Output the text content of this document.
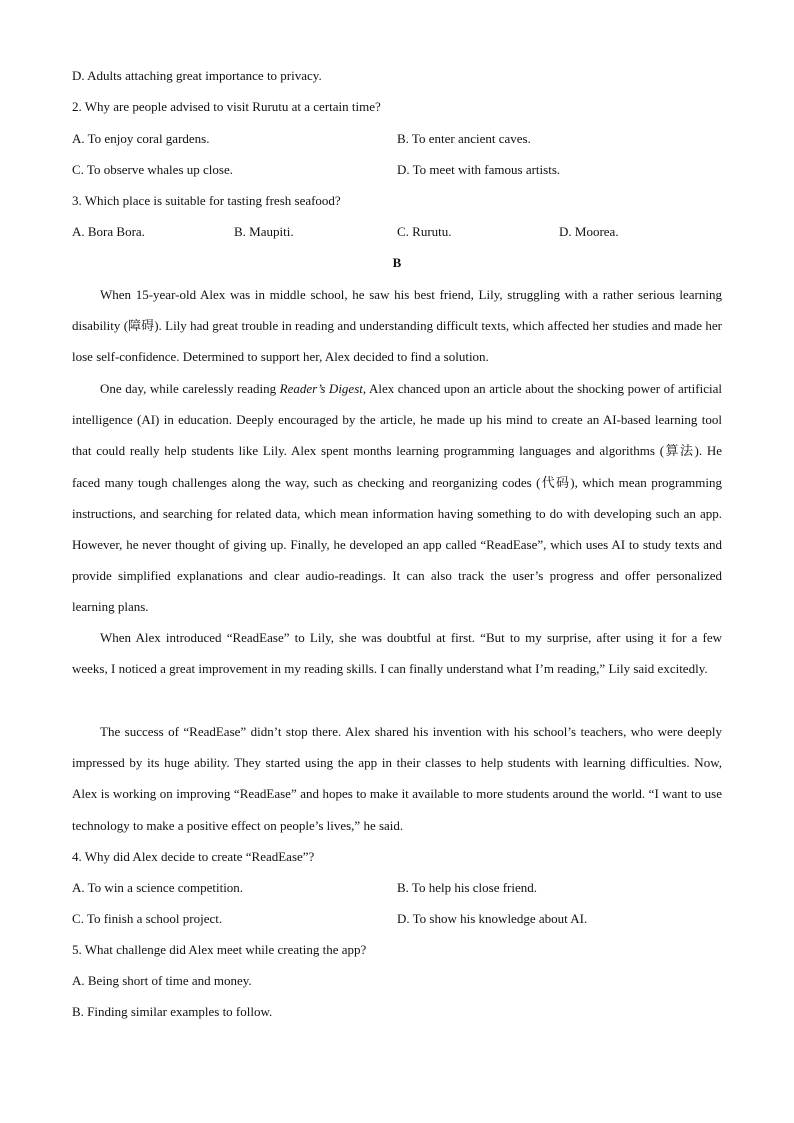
D. Adults attaching great importance to privacy.
2. Why are people advised to visit Rurutu at a certain time?
A. To enjoy coral gardens.	B. To enter ancient caves.
C. To observe whales up close.	D. To meet with famous artists.
3. Which place is suitable for tasting fresh seafood?
A. Bora Bora.	B. Maupiti.	C. Rurutu.	D. Moorea.
B

When 15-year-old Alex was in middle school, he saw his best friend, Lily, struggling with a rather serious learning disability (障碍). Lily had great trouble in reading and understanding difficult texts, which affected her studies and made her lose self-confidence. Determined to support her, Alex decided to find a solution.

One day, while carelessly reading Reader’s Digest, Alex chanced upon an article about the shocking power of artificial intelligence (AI) in education. Deeply encouraged by the article, he made up his mind to create an AI-based learning tool that could really help students like Lily. Alex spent months learning programming languages and algorithms (算法). He faced many tough challenges along the way, such as checking and reorganizing codes (代码), which mean programming instructions, and searching for related data, which mean information having something to do with developing such an app. However, he never thought of giving up. Finally, he developed an app called “ReadEase”, which uses AI to study texts and provide simplified explanations and clear audio-readings. It can also track the user’s progress and offer personalized learning plans.

When Alex introduced “ReadEase” to Lily, she was doubtful at first. “But to my surprise, after using it for a few weeks, I noticed a great improvement in my reading skills. I can finally understand what I’m reading,” Lily said excitedly.

The success of “ReadEase” didn’t stop there. Alex shared his invention with his school’s teachers, who were deeply impressed by its huge ability. They started using the app in their classes to help students with learning difficulties. Now, Alex is working on improving “ReadEase” and hopes to make it available to more students around the world. “I want to use technology to make a positive effect on people’s lives,” he said.

4. Why did Alex decide to create “ReadEase”?
A. To win a science competition.	B. To help his close friend.
C. To finish a school project.	D. To show his knowledge about AI.
5. What challenge did Alex meet while creating the app?
A. Being short of time and money.
B. Finding similar examples to follow.
